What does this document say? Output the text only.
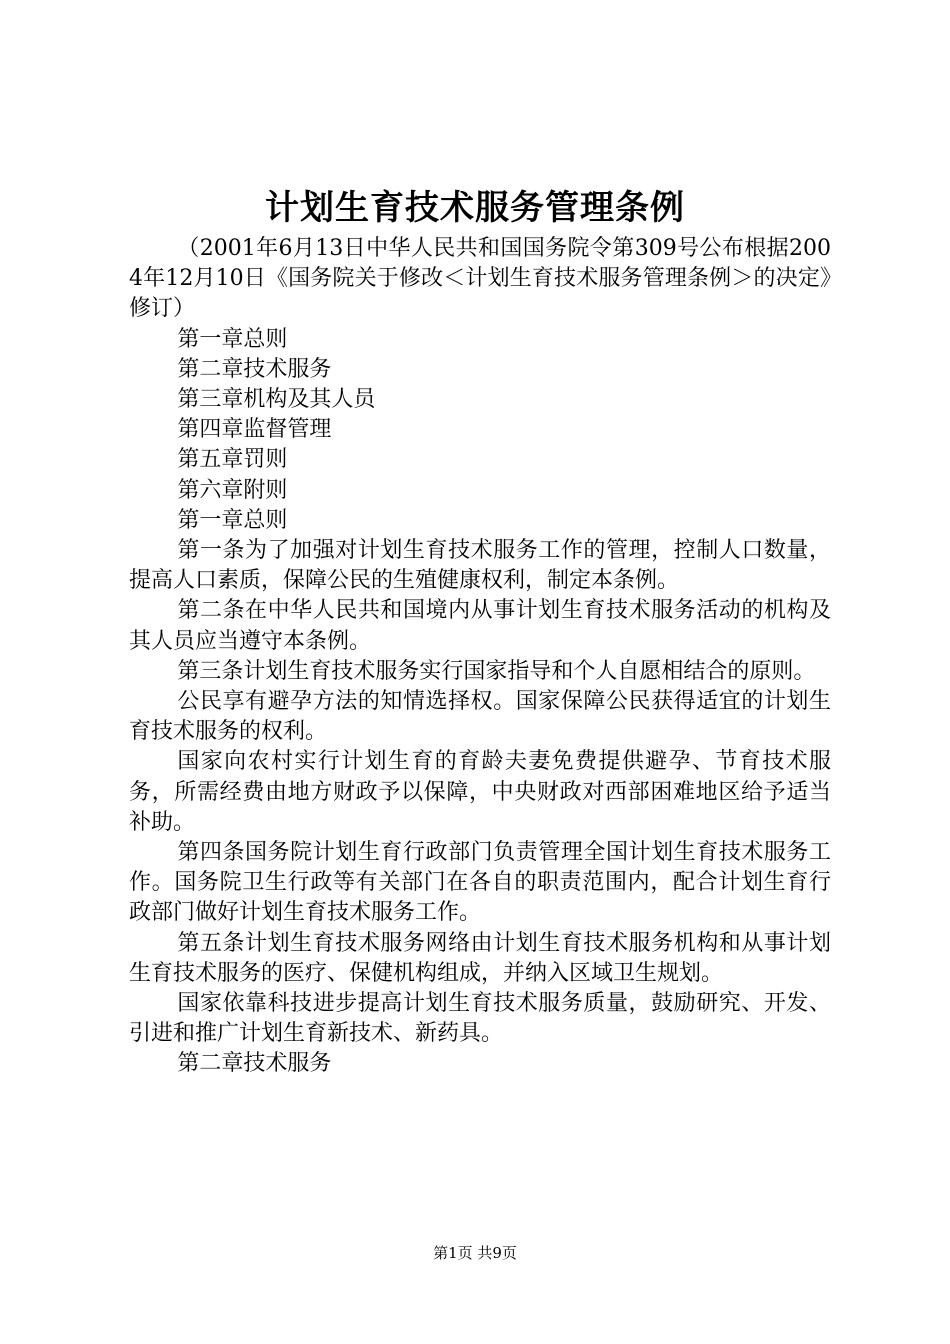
计划生育技术服务管理条例

（2001年6月13日中华人民共和国国务院令第309号公布根据2004年12月10日《国务院关于修改＜计划生育技术服务管理条例＞的决定》修订）

第一章总则

第二章技术服务

第三章机构及其人员

第四章监督管理

第五章罚则

第六章附则

第一章总则

第一条为了加强对计划生育技术服务工作的管理，控制人口数量，提高人口素质，保障公民的生殖健康权利，制定本条例。

第二条在中华人民共和国境内从事计划生育技术服务活动的机构及其人员应当遵守本条例。

第三条计划生育技术服务实行国家指导和个人自愿相结合的原则。

公民享有避孕方法的知情选择权。国家保障公民获得适宜的计划生育技术服务的权利。

国家向农村实行计划生育的育龄夫妻免费提供避孕、节育技术服务，所需经费由地方财政予以保障，中央财政对西部困难地区给予适当补助。

第四条国务院计划生育行政部门负责管理全国计划生育技术服务工作。国务院卫生行政等有关部门在各自的职责范围内，配合计划生育行政部门做好计划生育技术服务工作。

第五条计划生育技术服务网络由计划生育技术服务机构和从事计划生育技术服务的医疗、保健机构组成，并纳入区域卫生规划。

国家依靠科技进步提高计划生育技术服务质量，鼓励研究、开发、引进和推广计划生育新技术、新药具。

第二章技术服务

第1页 共9页
